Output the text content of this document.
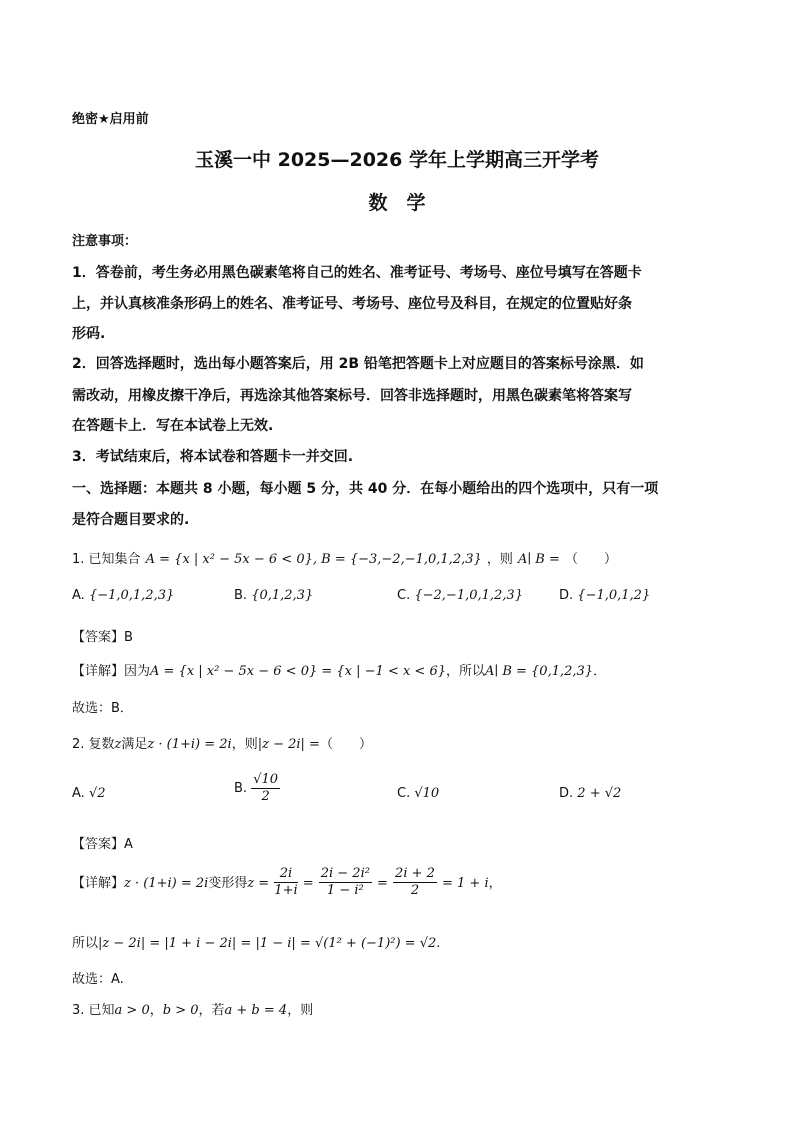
绝密★启用前
玉溪一中 2025—2026 学年上学期高三开学考
数　学
注意事项：
1．答卷前，考生务必用黑色碳素笔将自己的姓名、准考证号、考场号、座位号填写在答题卡
上，并认真核准条形码上的姓名、准考证号、考场号、座位号及科目，在规定的位置贴好条
形码.
2．回答选择题时，选出每小题答案后，用 2B 铅笔把答题卡上对应题目的答案标号涂黑．如
需改动，用橡皮擦干净后，再选涂其他答案标号．回答非选择题时，用黑色碳素笔将答案写
在答题卡上．写在本试卷上无效.
3．考试结束后，将本试卷和答题卡一并交回.
一、选择题：本题共 8 小题，每小题 5 分，共 40 分．在每小题给出的四个选项中，只有一项
是符合题目要求的.
1. 已知集合 A = {x | x² − 5x − 6 < 0}, B = {−3,−2,−1,0,1,2,3} ，则 A∣ B = （　　）
A. {−1,0,1,2,3}	B. {0,1,2,3}	C. {−2,−1,0,1,2,3}	D. {−1,0,1,2}
【答案】B
【详解】因为A = {x | x² − 5x − 6 < 0} = {x | −1 < x < 6}，所以A∣ B = {0,1,2,3}．
故选：B．
2. 复数z满足z · (1+i) = 2i，则|z − 2i| =（　　）
A. √2	B. $\frac{√10}{2}$	C. √10	D. 2 + √2
【答案】A
【详解】z · (1+i) = 2i变形得$z = \frac{2i}{1+i} = \frac{\text{2i − 2i²}}{\text{1 − i²}} = \frac{2i + 2}{2} = 1 + i$，
所以|z − 2i| = |1 + i − 2i| = |1 − i| = √(1² + (−1)²) = √2.
故选：A.
3. 已知a > 0，b > 0，若a + b = 4，则
